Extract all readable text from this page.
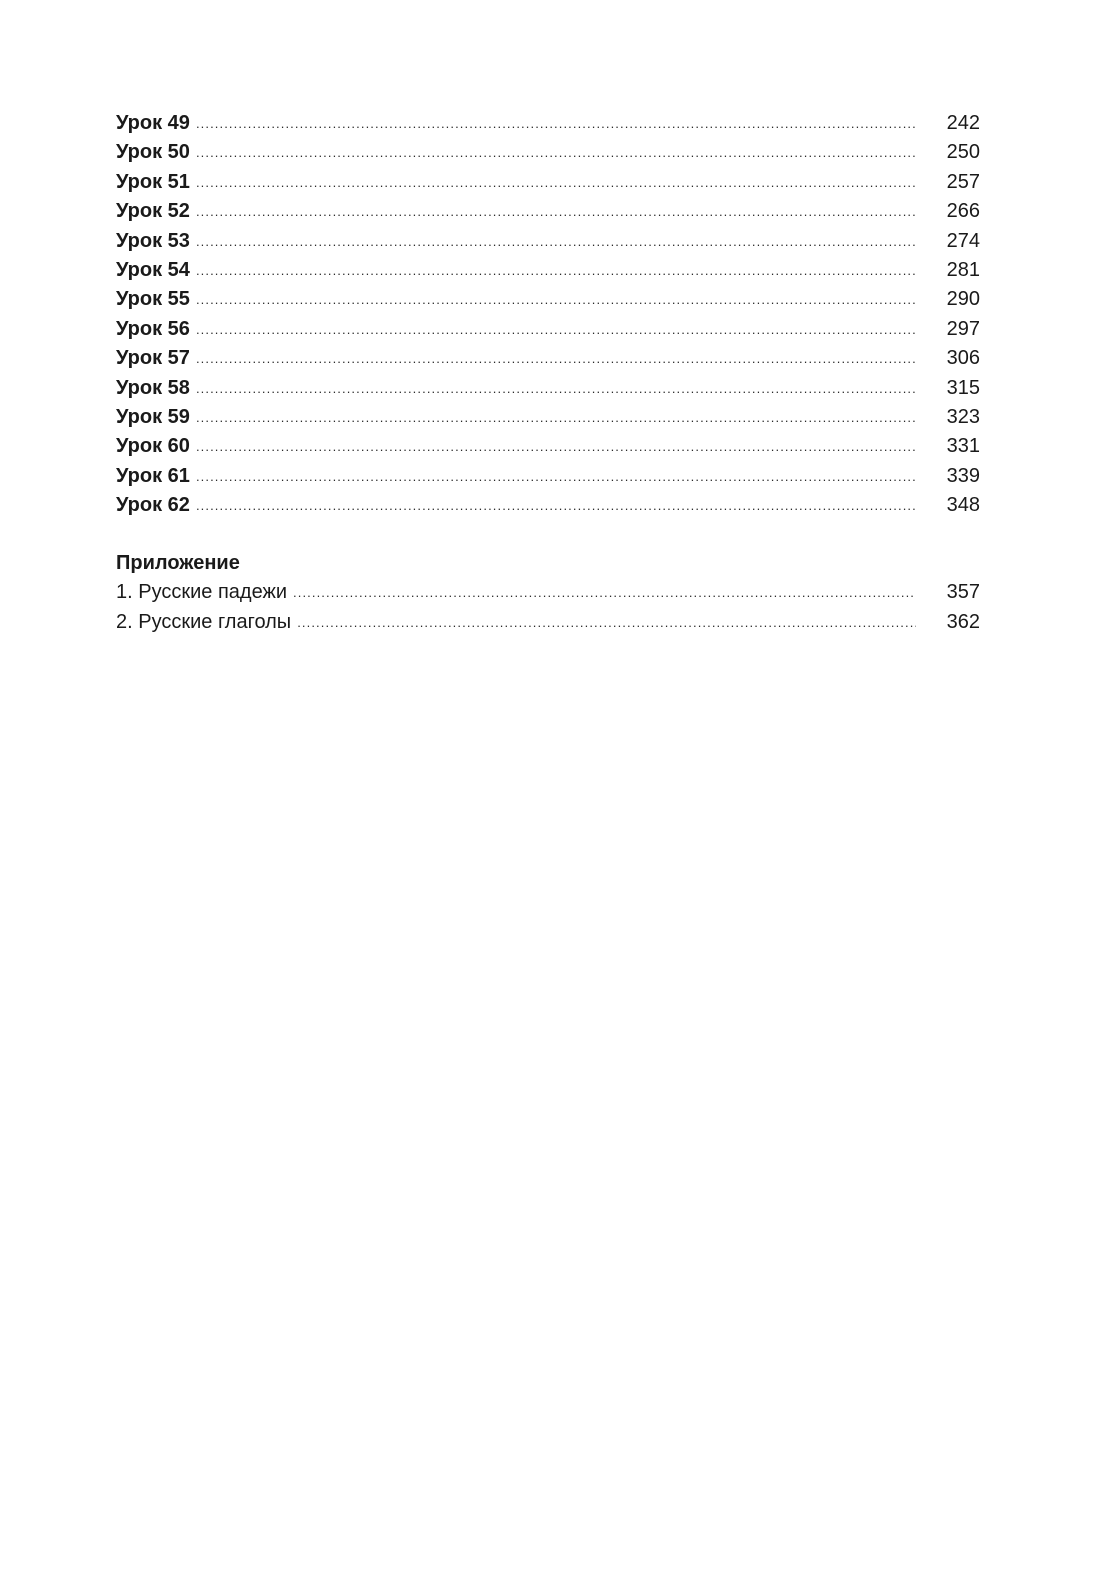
Урок 49 .....	242
Урок 50 .....	250
Урок 51 .....	257
Урок 52 .....	266
Урок 53 .....	274
Урок 54 .....	281
Урок 55 .....	290
Урок 56 .....	297
Урок 57 .....	306
Урок 58 .....	315
Урок 59 .....	323
Урок 60 .....	331
Урок 61 .....	339
Урок 62 .....	348
Приложение
1. Русские падежи .....	357
2. Русские глаголы .....	362
